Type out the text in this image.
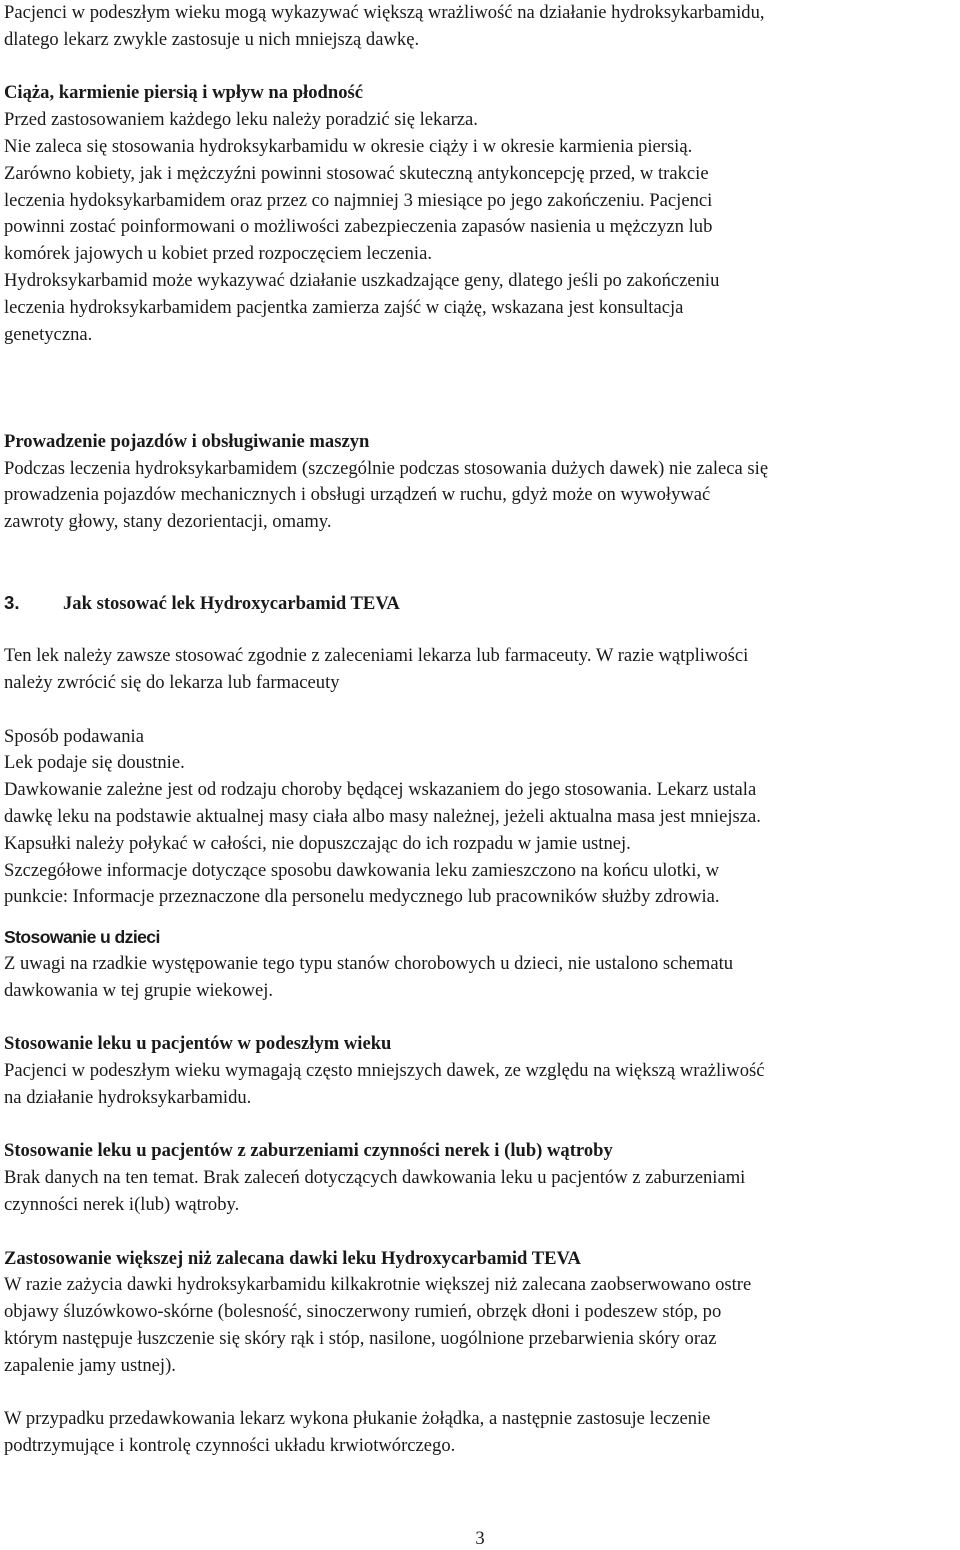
Pacjenci w podeszłym wieku mogą wykazywać większą wrażliwość na działanie hydroksykarbamidu,
dlatego lekarz zwykle zastosuje u nich mniejszą dawkę.
Ciąża, karmienie piersią i wpływ na płodność
Przed zastosowaniem każdego leku należy poradzić się lekarza.
Nie zaleca się stosowania hydroksykarbamidu w okresie ciąży i w okresie karmienia piersią.
Zarówno kobiety, jak i mężczyźni powinni stosować skuteczną antykoncepcję przed, w trakcie
leczenia hydoksykarbamidem oraz przez co najmniej 3 miesiące po jego zakończeniu. Pacjenci
powinni zostać poinformowani o możliwości zabezpieczenia zapasów nasienia u mężczyzn lub
komórek jajowych u kobiet przed rozpoczęciem leczenia.
Hydroksykarbamid może wykazywać działanie uszkadzające geny, dlatego jeśli po zakończeniu
leczenia hydroksykarbamidem pacjentka zamierza zajść w ciążę, wskazana jest konsultacja
genetyczna.
Prowadzenie pojazdów i obsługiwanie maszyn
Podczas leczenia hydroksykarbamidem (szczególnie podczas stosowania dużych dawek) nie zaleca się
prowadzenia pojazdów mechanicznych i obsługi urządzeń w ruchu, gdyż może on wywoływać
zawroty głowy, stany dezorientacji, omamy.
3. Jak stosować lek Hydroxycarbamid TEVA
Ten lek należy zawsze stosować zgodnie z zaleceniami lekarza lub farmaceuty. W razie wątpliwości
należy zwrócić się do lekarza lub farmaceuty
Sposób podawania
Lek podaje się doustnie.
Dawkowanie zależne jest od rodzaju choroby będącej wskazaniem do jego stosowania. Lekarz ustala
dawkę leku na podstawie aktualnej masy ciała albo masy należnej, jeżeli aktualna masa jest mniejsza.
Kapsułki należy połykać w całości, nie dopuszczając do ich rozpadu w jamie ustnej.
Szczegółowe informacje dotyczące sposobu dawkowania leku zamieszczono na końcu ulotki, w
punkcie: Informacje przeznaczone dla personelu medycznego lub pracowników służby zdrowia.
Stosowanie u dzieci
Z uwagi na rzadkie występowanie tego typu stanów chorobowych u dzieci, nie ustalono schematu
dawkowania w tej grupie wiekowej.
Stosowanie leku u pacjentów w podeszłym wieku
Pacjenci w podeszłym wieku wymagają często mniejszych dawek, ze względu na większą wrażliwość
na działanie hydroksykarbamidu.
Stosowanie leku u pacjentów z zaburzeniami czynności nerek i (lub) wątroby
Brak danych na ten temat. Brak zaleceń dotyczących dawkowania leku u pacjentów z zaburzeniami
czynności nerek i(lub) wątroby.
Zastosowanie większej niż zalecana dawki leku Hydroxycarbamid TEVA
W razie zażycia dawki hydroksykarbamidu kilkakrotnie większej niż zalecana zaobserwowano ostre
objawy śluzówkowo-skórne (bolesność, sinoczerwony rumień, obrzęk dłoni i podeszew stóp, po
którym następuje łuszczenie się skóry rąk i stóp, nasilone, uogólnione przebarwienia skóry oraz
zapalenie jamy ustnej).
W przypadku przedawkowania lekarz wykona płukanie żołądka, a następnie zastosuje leczenie
podtrzymujące i kontrolę czynności układu krwiotwórczego.
3
